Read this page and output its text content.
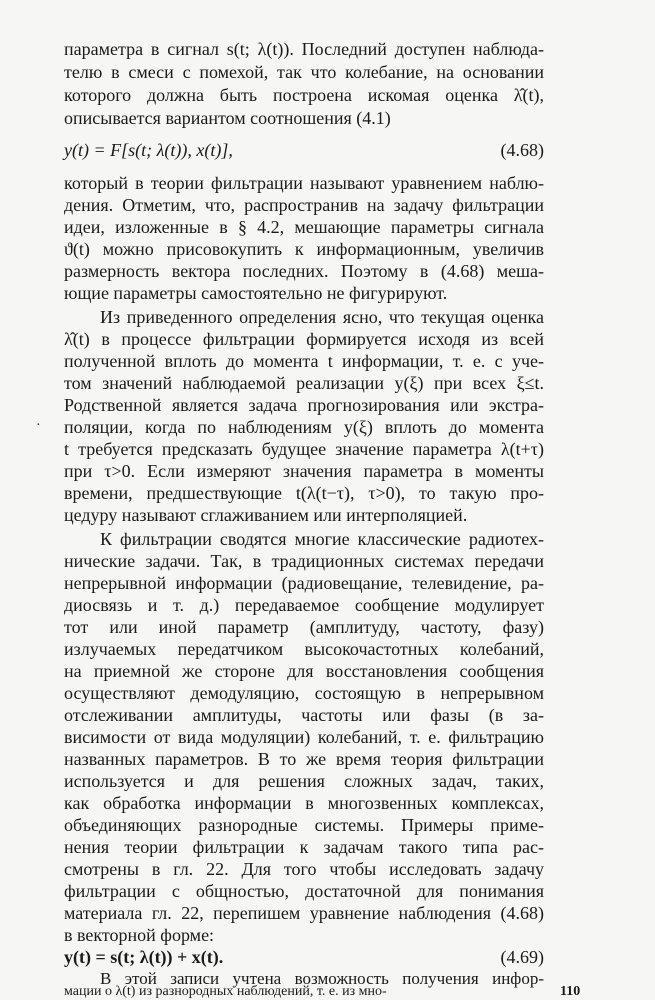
параметра в сигнал s(t; λ(t)). Последний доступен наблюда-
телю в смеси с помехой, так что колебание, на основании
которого должна быть построена искомая оценка λ̂(t),
описывается вариантом соотношения (4.1)
y(t) = F[s(t; λ(t)), x(t)],	(4.68)
который в теории фильтрации называют уравнением наблю-
дения. Отметим, что, распространив на задачу фильтрации
идеи, изложенные в § 4.2, мешающие параметры сигнала
ϑ(t) можно присовокупить к информационным, увеличив
размерность вектора последних. Поэтому в (4.68) меша-
ющие параметры самостоятельно не фигурируют.
Из приведенного определения ясно, что текущая оценка
λ̂(t) в процессе фильтрации формируется исходя из всей
полученной вплоть до момента t информации, т. е. с уче-
том значений наблюдаемой реализации y(ξ) при всех ξ≤t.
Родственной является задача прогнозирования или экстра-
поляции, когда по наблюдениям y(ξ) вплоть до момента
t требуется предсказать будущее значение параметра λ(t+τ)
при τ>0. Если измеряют значения параметра в моменты
времени, предшествующие t(λ(t−τ), τ>0), то такую про-
цедуру называют сглаживанием или интерполяцией.
К фильтрации сводятся многие классические радиотех-
нические задачи. Так, в традиционных системах передачи
непрерывной информации (радиовещание, телевидение, ра-
диосвязь и т. д.) передаваемое сообщение модулирует
тот или иной параметр (амплитуду, частоту, фазу)
излучаемых передатчиком высокочастотных колебаний,
на приемной же стороне для восстановления сообщения
осуществляют демодуляцию, состоящую в непрерывном
отслеживании амплитуды, частоты или фазы (в за-
висимости от вида модуляции) колебаний, т. е. фильтрацию
названных параметров. В то же время теория фильтрации
используется и для решения сложных задач, таких,
как обработка информации в многозвенных комплексах,
объединяющих разнородные системы. Примеры приме-
нения теории фильтрации к задачам такого типа рас-
смотрены в гл. 22. Для того чтобы исследовать задачу
фильтрации с общностью, достаточной для понимания
материала гл. 22, перепишем уравнение наблюдения (4.68)
в векторной форме:
y(t) = s(t; λ(t)) + x(t).	(4.69)
В этой записи учтена возможность получения инфор-
·
мации о λ(t) из разнородных наблюдений, т. е. из мно-	110
